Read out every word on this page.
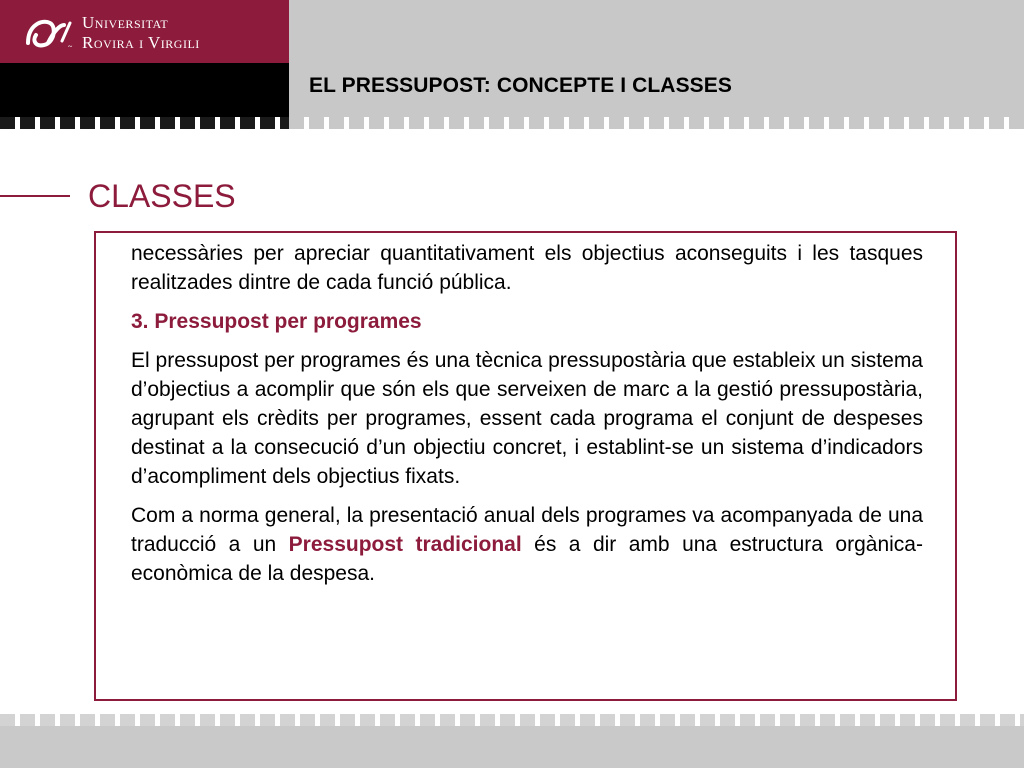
~
Universitat
Rovira i Virgili
EL PRESSUPOST: CONCEPTE I CLASSES
CLASSES

necessàries per apreciar quantitativament els objectius aconseguits i les tasques realitzades dintre de cada funció pública.

3. Pressupost per programes

El pressupost per programes és una tècnica pressupostària que estableix un sistema d’objectius a acomplir que són els que serveixen de marc a la gestió pressupostària, agrupant els crèdits per programes, essent cada programa el conjunt de despeses destinat a la consecució d’un objectiu concret, i establint-se un sistema d’indicadors d’acompliment dels objectius fixats.

Com a norma general, la presentació anual dels programes va acompanyada de una traducció a un Pressupost tradicional és a dir amb una estructura orgànica-econòmica de la despesa.
